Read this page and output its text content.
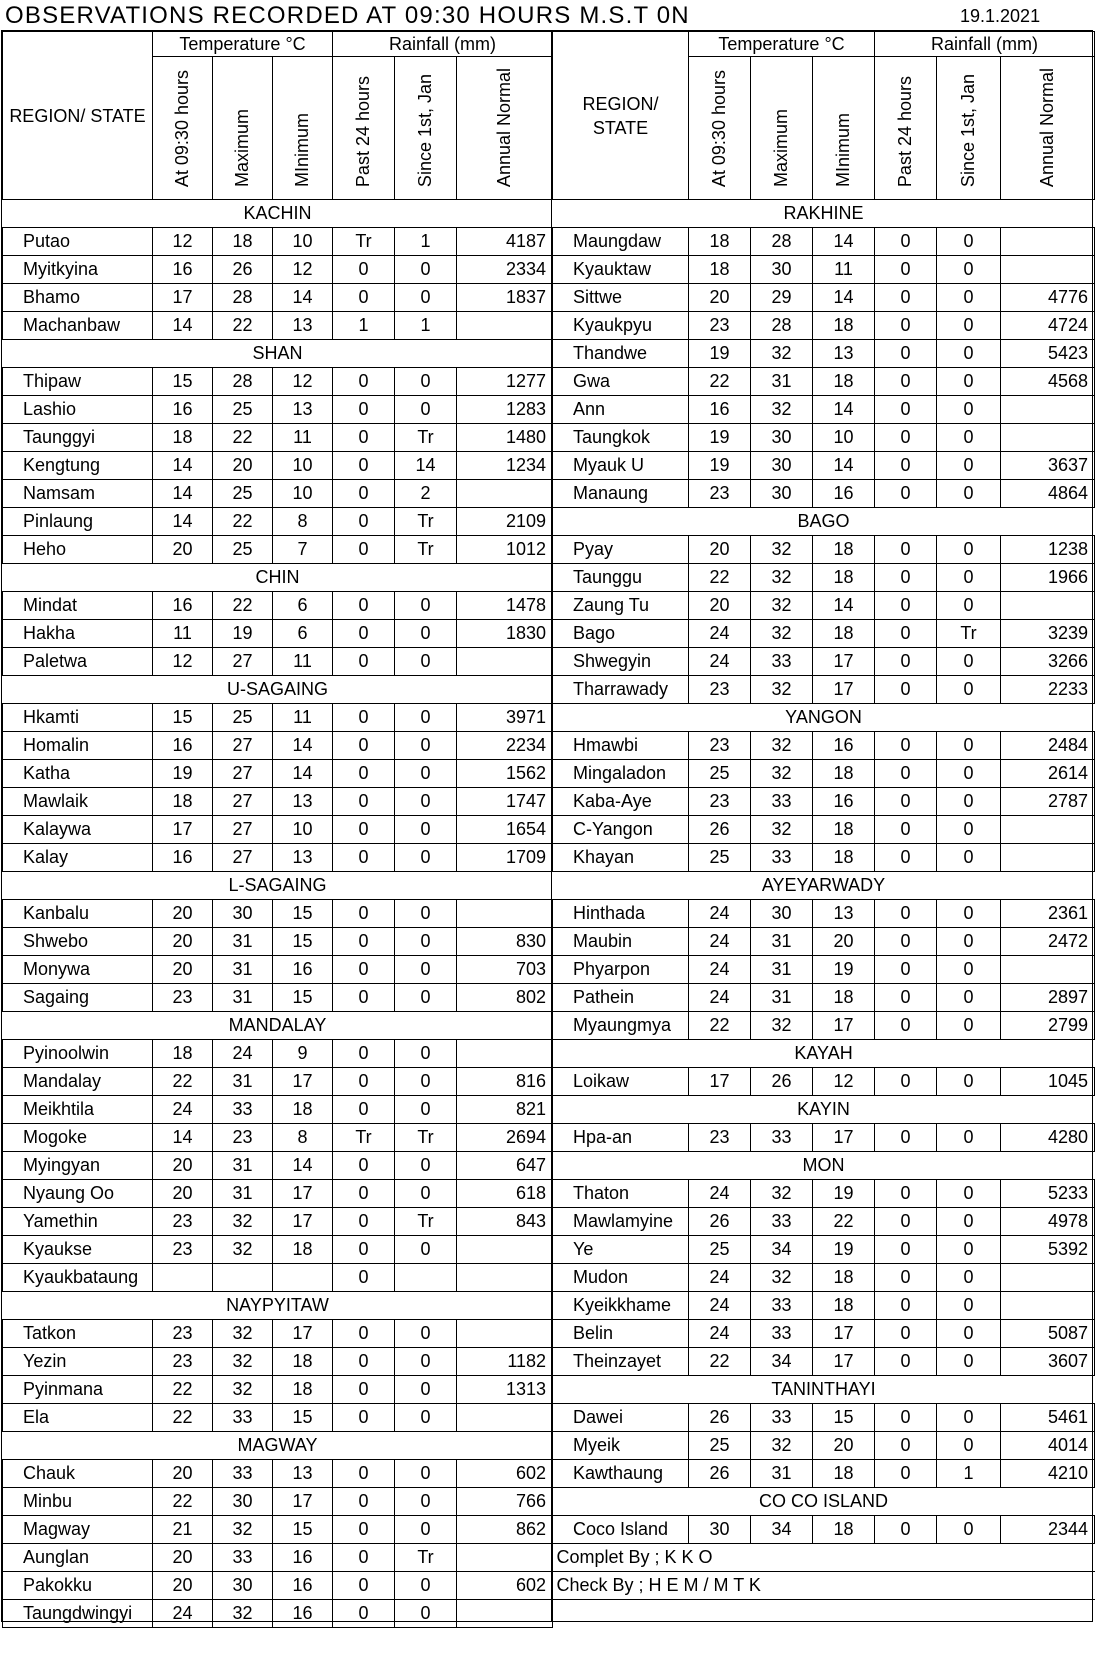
OBSERVATIONS RECORDED AT 09:30 HOURS M.S.T 0N	19.1.2021
REGION/ STATE	Temperature °C			Rainfall (mm)		
	At 09:30 hours	Maximum	MInimum	Past 24 hours	Since 1st, Jan	Annual Normal
KACHIN						
Putao	12	18	10	Tr	1	4187
Myitkyina	16	26	12	0	0	2334
Bhamo	17	28	14	0	0	1837
Machanbaw	14	22	13	1	1	
SHAN						
Thipaw	15	28	12	0	0	1277
Lashio	16	25	13	0	0	1283
Taunggyi	18	22	11	0	Tr	1480
Kengtung	14	20	10	0	14	1234
Namsam	14	25	10	0	2	
Pinlaung	14	22	8	0	Tr	2109
Heho	20	25	7	0	Tr	1012
CHIN						
Mindat	16	22	6	0	0	1478
Hakha	11	19	6	0	0	1830
Paletwa	12	27	11	0	0	
U-SAGAING						
Hkamti	15	25	11	0	0	3971
Homalin	16	27	14	0	0	2234
Katha	19	27	14	0	0	1562
Mawlaik	18	27	13	0	0	1747
Kalaywa	17	27	10	0	0	1654
Kalay	16	27	13	0	0	1709
L-SAGAING						
Kanbalu	20	30	15	0	0	
Shwebo	20	31	15	0	0	830
Monywa	20	31	16	0	0	703
Sagaing	23	31	15	0	0	802
MANDALAY						
Pyinoolwin	18	24	9	0	0	
Mandalay	22	31	17	0	0	816
Meikhtila	24	33	18	0	0	821
Mogoke	14	23	8	Tr	Tr	2694
Myingyan	20	31	14	0	0	647
Nyaung Oo	20	31	17	0	0	618
Yamethin	23	32	17	0	Tr	843
Kyaukse	23	32	18	0	0	
Kyaukbataung				0		
NAYPYITAW						
Tatkon	23	32	17	0	0	
Yezin	23	32	18	0	0	1182
Pyinmana	22	32	18	0	0	1313
Ela	22	33	15	0	0	
MAGWAY						
Chauk	20	33	13	0	0	602
Minbu	22	30	17	0	0	766
Magway	21	32	15	0	0	862
Aunglan	20	33	16	0	Tr	
Pakokku	20	30	16	0	0	602
Taungdwingyi	24	32	16	0	0	
REGION/ STATE	Temperature °C			Rainfall (mm)		
	At 09:30 hours	Maximum	MInimum	Past 24 hours	Since 1st, Jan	Annual Normal
RAKHINE						
Maungdaw	18	28	14	0	0	
Kyauktaw	18	30	11	0	0	
Sittwe	20	29	14	0	0	4776
Kyaukpyu	23	28	18	0	0	4724
Thandwe	19	32	13	0	0	5423
Gwa	22	31	18	0	0	4568
Ann	16	32	14	0	0	
Taungkok	19	30	10	0	0	
Myauk U	19	30	14	0	0	3637
Manaung	23	30	16	0	0	4864
BAGO						
Pyay	20	32	18	0	0	1238
Taunggu	22	32	18	0	0	1966
Zaung Tu	20	32	14	0	0	
Bago	24	32	18	0	Tr	3239
Shwegyin	24	33	17	0	0	3266
Tharrawady	23	32	17	0	0	2233
YANGON						
Hmawbi	23	32	16	0	0	2484
Mingaladon	25	32	18	0	0	2614
Kaba-Aye	23	33	16	0	0	2787
C-Yangon	26	32	18	0	0	
Khayan	25	33	18	0	0	
AYEYARWADY						
Hinthada	24	30	13	0	0	2361
Maubin	24	31	20	0	0	2472
Phyarpon	24	31	19	0	0	
Pathein	24	31	18	0	0	2897
Myaungmya	22	32	17	0	0	2799
KAYAH						
Loikaw	17	26	12	0	0	1045
KAYIN						
Hpa-an	23	33	17	0	0	4280
MON						
Thaton	24	32	19	0	0	5233
Mawlamyine	26	33	22	0	0	4978
Ye	25	34	19	0	0	5392
Mudon	24	32	18	0	0	
Kyeikkhame	24	33	18	0	0	
Belin	24	33	17	0	0	5087
Theinzayet	22	34	17	0	0	3607
TANINTHAYI						
Dawei	26	33	15	0	0	5461
Myeik	25	32	20	0	0	4014
Kawthaung	26	31	18	0	1	4210
CO CO ISLAND						
Coco Island	30	34	18	0	0	2344
Complet By ; K K O						
Check By ; H E M / M T K						
